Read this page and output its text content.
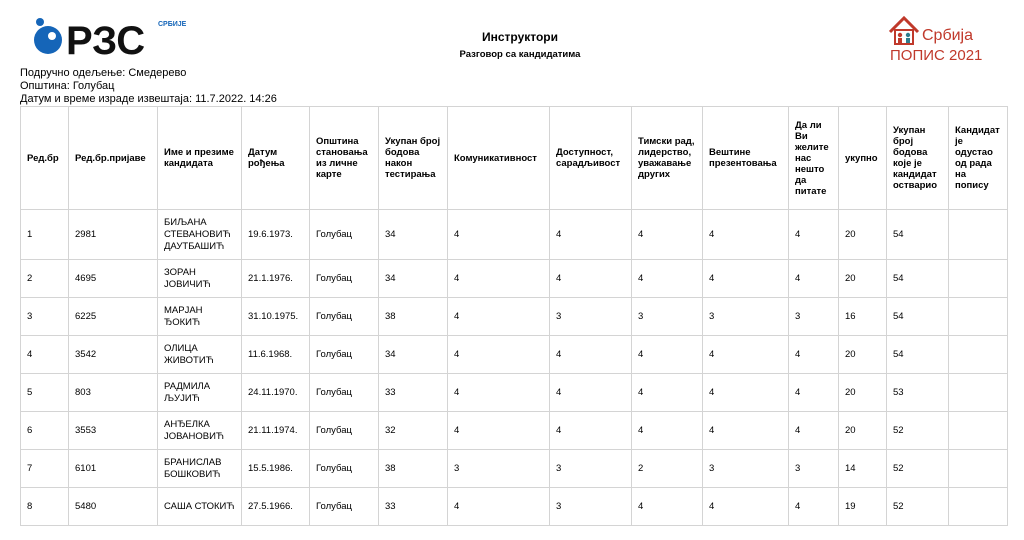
РЗС СРБИЈЕ
Инструктори
Разговор са кандидатима
Србија
ПОПИС 2021
Подручно одељење: Смедерево
Општина: Голубац
Датум и време израде извештаја: 11.7.2022. 14:26
Ред.бр	Ред.бр.пријаве	Име и презиме кандидата	Датум рођења	Општина становања из личне карте	Укупан број бодова након тестирања	Комуникативност	Доступност, сарадљивост	Тимски рад, лидерство, уважавање других	Вештине презентовања	Да ли Ви желите нас нешто да питате	укупно	Укупан број бодова које је кандидат остварио	Кандидат је одустао од рада на попису
1	2981	БИЉАНА СТЕВАНОВИЋ ДАУТБАШИЋ	19.6.1973.	Голубац	34	4	4	4	4	4	20	54	
2	4695	ЗОРАН ЈОВИЧИЋ	21.1.1976.	Голубац	34	4	4	4	4	4	20	54	
3	6225	МАРЈАН ЂОКИЋ	31.10.1975.	Голубац	38	4	3	3	3	3	16	54	
4	3542	ОЛИЦА ЖИВОТИЋ	11.6.1968.	Голубац	34	4	4	4	4	4	20	54	
5	803	РАДМИЛА ЉУЈИЋ	24.11.1970.	Голубац	33	4	4	4	4	4	20	53	
6	3553	АНЂЕЛКА ЈОВАНОВИЋ	21.11.1974.	Голубац	32	4	4	4	4	4	20	52	
7	6101	БРАНИСЛАВ БОШКОВИЋ	15.5.1986.	Голубац	38	3	3	2	3	3	14	52	
8	5480	САША СТОКИЋ	27.5.1966.	Голубац	33	4	3	4	4	4	19	52	
